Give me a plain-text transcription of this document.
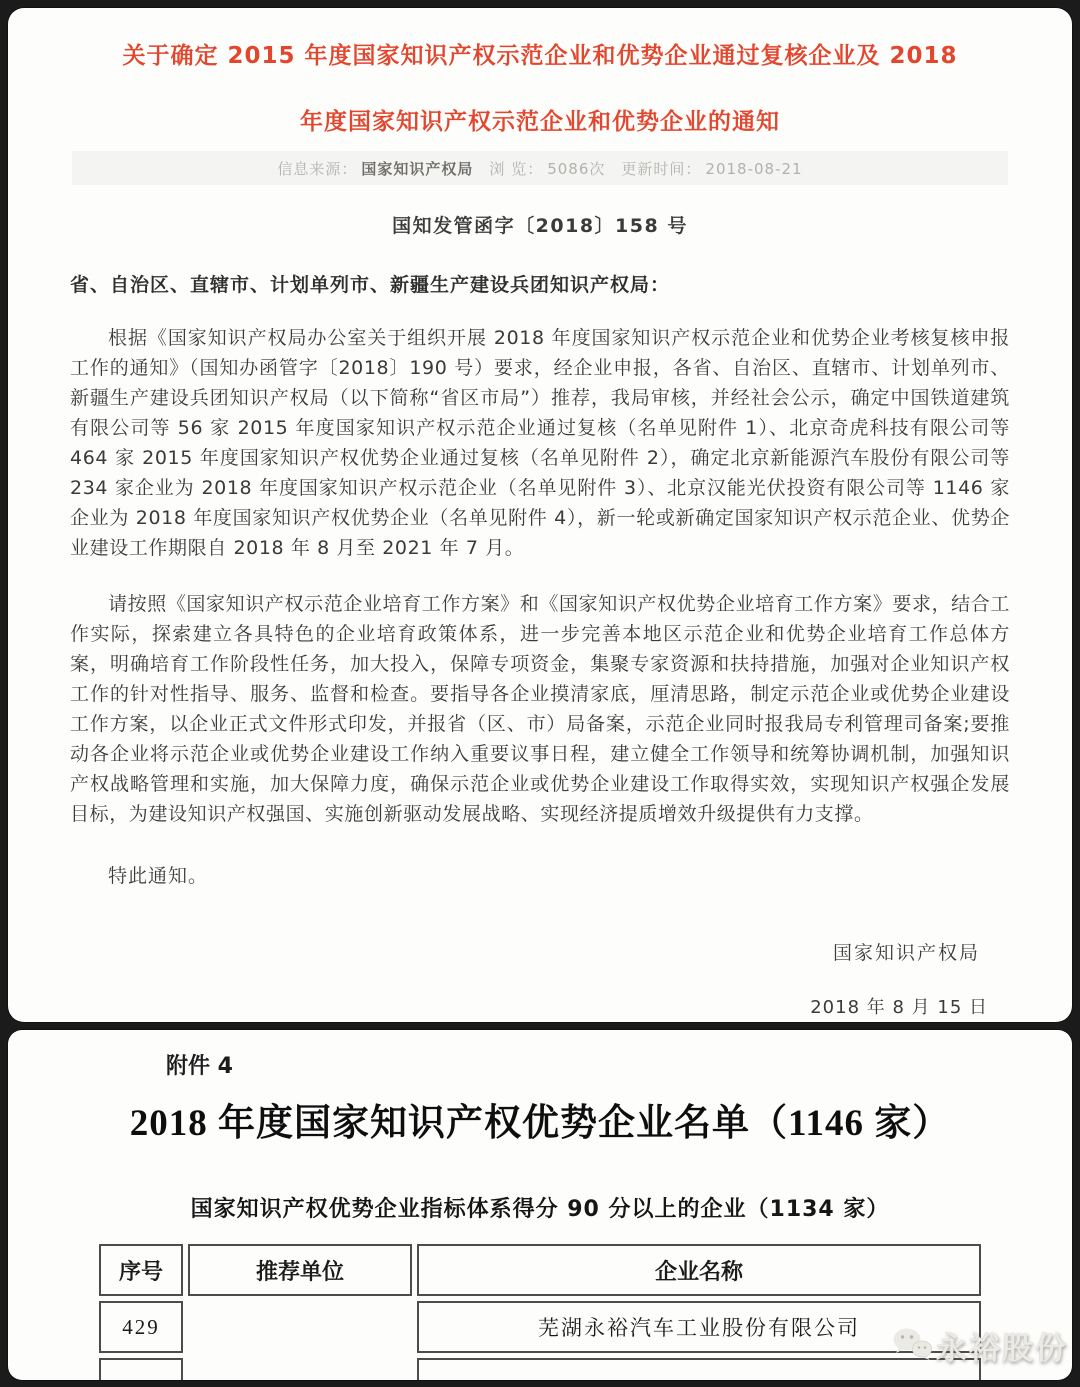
关于确定 2015 年度国家知识产权示范企业和优势企业通过复核企业及 2018
年度国家知识产权示范企业和优势企业的通知
信息来源： 国家知识产权局 浏 览： 5086次 更新时间： 2018-08-21
国知发管函字〔2018〕158 号
省、自治区、直辖市、计划单列市、新疆生产建设兵团知识产权局：
根据《国家知识产权局办公室关于组织开展 2018 年度国家知识产权示范企业和优势企业考核复核申报工作的通知》（国知办函管字〔2018〕190 号）要求，经企业申报，各省、自治区、直辖市、计划单列市、新疆生产建设兵团知识产权局（以下简称“省区市局”）推荐，我局审核，并经社会公示，确定中国铁道建筑有限公司等 56 家 2015 年度国家知识产权示范企业通过复核（名单见附件 1）、北京奇虎科技有限公司等 464 家 2015 年度国家知识产权优势企业通过复核（名单见附件 2），确定北京新能源汽车股份有限公司等 234 家企业为 2018 年度国家知识产权示范企业（名单见附件 3）、北京汉能光伏投资有限公司等 1146 家企业为 2018 年度国家知识产权优势企业（名单见附件 4），新一轮或新确定国家知识产权示范企业、优势企业建设工作期限自 2018 年 8 月至 2021 年 7 月。
请按照《国家知识产权示范企业培育工作方案》和《国家知识产权优势企业培育工作方案》要求，结合工作实际，探索建立各具特色的企业培育政策体系，进一步完善本地区示范企业和优势企业培育工作总体方案，明确培育工作阶段性任务，加大投入，保障专项资金，集聚专家资源和扶持措施，加强对企业知识产权工作的针对性指导、服务、监督和检查。要指导各企业摸清家底，厘清思路，制定示范企业或优势企业建设工作方案，以企业正式文件形式印发，并报省（区、市）局备案，示范企业同时报我局专利管理司备案;要推动各企业将示范企业或优势企业建设工作纳入重要议事日程，建立健全工作领导和统筹协调机制，加强知识产权战略管理和实施，加大保障力度，确保示范企业或优势企业建设工作取得实效，实现知识产权强企发展目标，为建设知识产权强国、实施创新驱动发展战略、实现经济提质增效升级提供有力支撑。
特此通知。
国家知识产权局
2018 年 8 月 15 日
附件 4
2018 年度国家知识产权优势企业名单（1146 家）
国家知识产权优势企业指标体系得分 90 分以上的企业（1134 家）
序号	推荐单位	企业名称
429		芜湖永裕汽车工业股份有限公司

永裕股份
